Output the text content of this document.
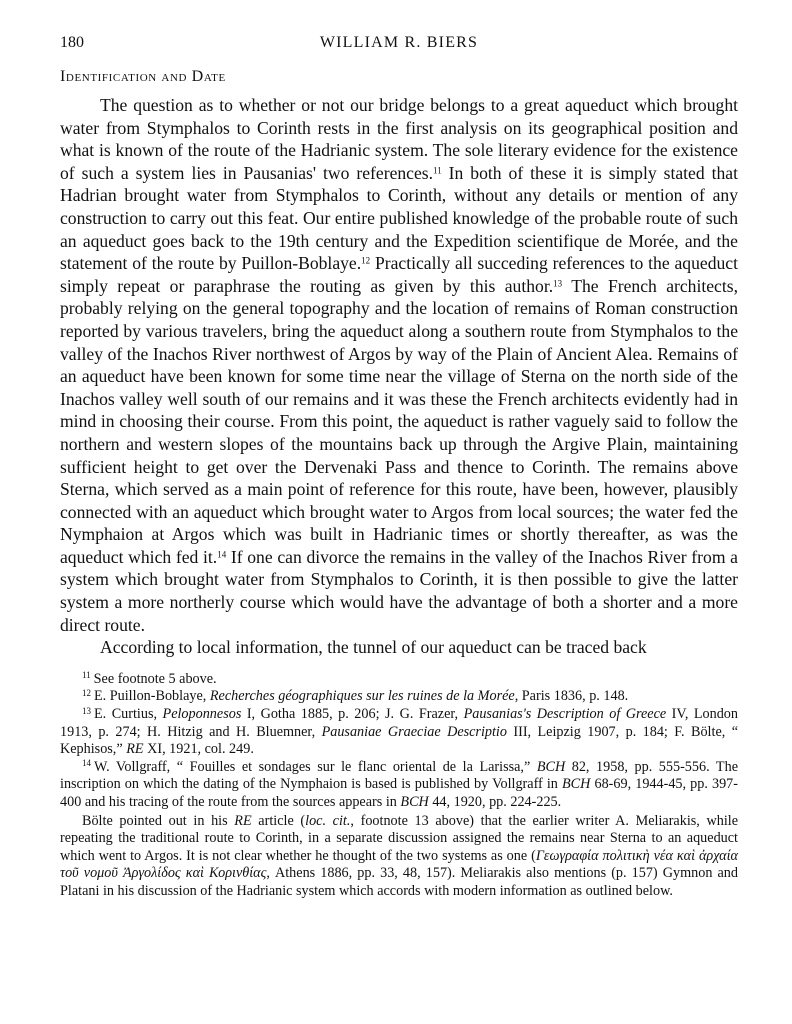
180	WILLIAM R. BIERS
Identification and Date

The question as to whether or not our bridge belongs to a great aqueduct which brought water from Stymphalos to Corinth rests in the first analysis on its geographical position and what is known of the route of the Hadrianic system. The sole literary evidence for the existence of such a system lies in Pausanias' two references.$^{11}$ In both of these it is simply stated that Hadrian brought water from Stymphalos to Corinth, without any details or mention of any construction to carry out this feat. Our entire published knowledge of the probable route of such an aqueduct goes back to the 19th century and the Expedition scientifique de Morée, and the statement of the route by Puillon-Boblaye.$^{12}$ Practically all succeding references to the aqueduct simply repeat or paraphrase the routing as given by this author.$^{13}$ The French architects, probably relying on the general topography and the location of remains of Roman construction reported by various travelers, bring the aqueduct along a southern route from Stymphalos to the valley of the Inachos River northwest of Argos by way of the Plain of Ancient Alea. Remains of an aqueduct have been known for some time near the village of Sterna on the north side of the Inachos valley well south of our remains and it was these the French architects evidently had in mind in choosing their course. From this point, the aqueduct is rather vaguely said to follow the northern and western slopes of the mountains back up through the Argive Plain, maintaining sufficient height to get over the Dervenaki Pass and thence to Corinth. The remains above Sterna, which served as a main point of reference for this route, have been, however, plausibly connected with an aqueduct which brought water to Argos from local sources; the water fed the Nymphaion at Argos which was built in Hadrianic times or shortly thereafter, as was the aqueduct which fed it.$^{14}$ If one can divorce the remains in the valley of the Inachos River from a system which brought water from Stymphalos to Corinth, it is then possible to give the latter system a more northerly course which would have the advantage of both a shorter and a more direct route.

According to local information, the tunnel of our aqueduct can be traced back

$^{11}$ See footnote 5 above.

$^{12}$ E. Puillon-Boblaye, Recherches géographiques sur les ruines de la Morée, Paris 1836, p. 148.

$^{13}$ E. Curtius, Peloponnesos I, Gotha 1885, p. 206; J. G. Frazer, Pausanias's Description of Greece IV, London 1913, p. 274; H. Hitzig and H. Bluemner, Pausaniae Graeciae Descriptio III, Leipzig 1907, p. 184; F. Bölte, “ Kephisos,” RE XI, 1921, col. 249.

$^{14}$ W. Vollgraff, “ Fouilles et sondages sur le flanc oriental de la Larissa,” BCH 82, 1958, pp. 555-556. The inscription on which the dating of the Nymphaion is based is published by Vollgraff in BCH 68-69, 1944-45, pp. 397-400 and his tracing of the route from the sources appears in BCH 44, 1920, pp. 224-225.

Bölte pointed out in his RE article (loc. cit., footnote 13 above) that the earlier writer A. Meliarakis, while repeating the traditional route to Corinth, in a separate discussion assigned the remains near Sterna to an aqueduct which went to Argos. It is not clear whether he thought of the two systems as one (Γεωγραφία πολιτικὴ νέα καὶ ἀρχαία τοῦ νομοῦ Ἀργολίδος καὶ Κορινθίας, Athens 1886, pp. 33, 48, 157). Meliarakis also mentions (p. 157) Gymnon and Platani in his discussion of the Hadrianic system which accords with modern information as outlined below.
